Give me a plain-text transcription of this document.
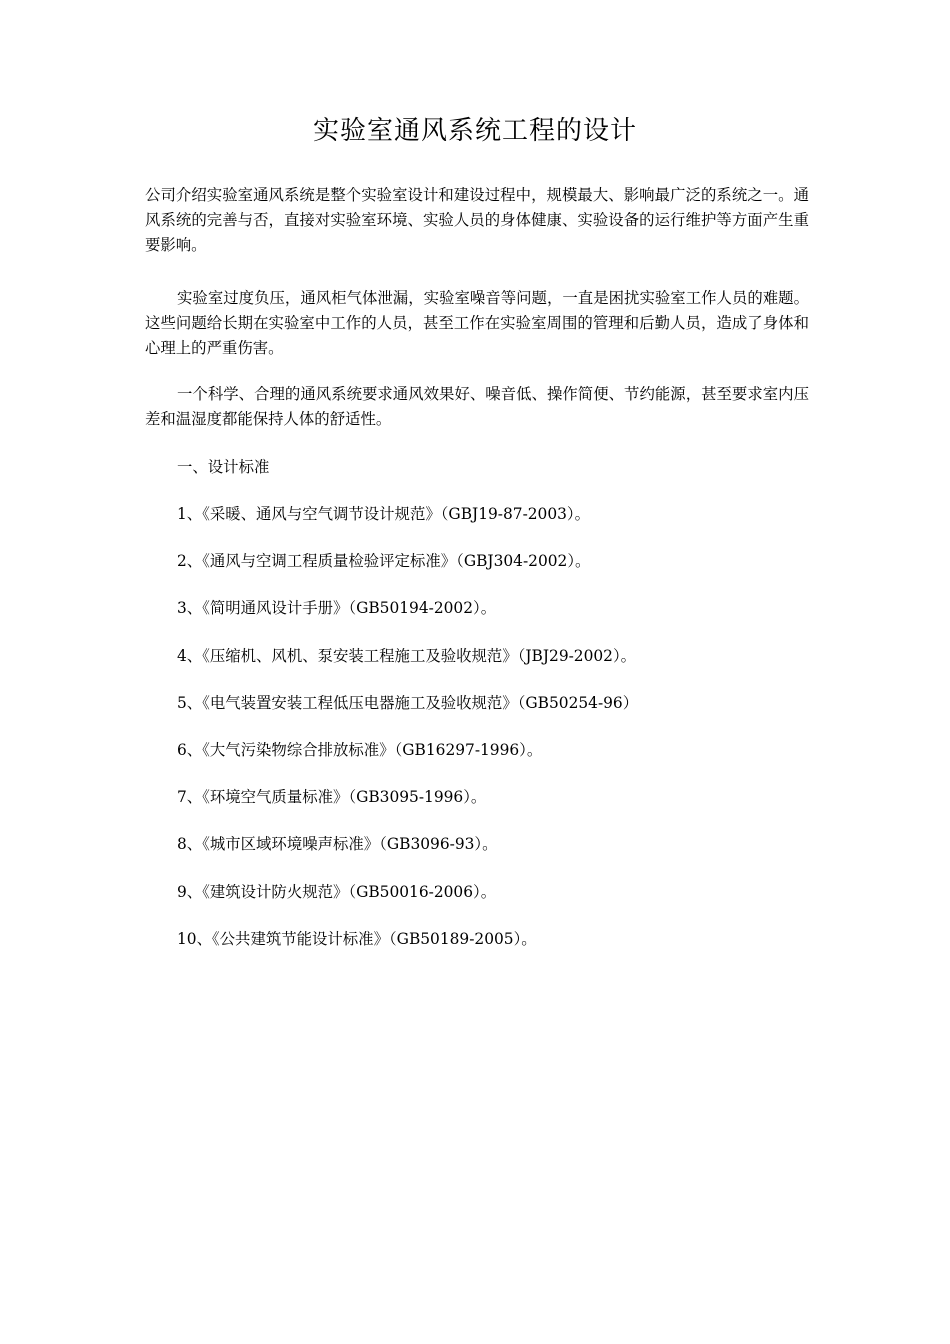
实验室通风系统工程的设计

公司介绍实验室通风系统是整个实验室设计和建设过程中，规模最大、影响最广泛的系统之一。通风系统的完善与否，直接对实验室环境、实验人员的身体健康、实验设备的运行维护等方面产生重要影响。

实验室过度负压，通风柜气体泄漏，实验室噪音等问题，一直是困扰实验室工作人员的难题。这些问题给长期在实验室中工作的人员，甚至工作在实验室周围的管理和后勤人员，造成了身体和心理上的严重伤害。

一个科学、合理的通风系统要求通风效果好、噪音低、操作简便、节约能源，甚至要求室内压差和温湿度都能保持人体的舒适性。

一、设计标准
1、《采暖、通风与空气调节设计规范》（GBJ19-87-2003）。
2、《通风与空调工程质量检验评定标准》（GBJ304-2002）。
3、《简明通风设计手册》（GB50194-2002）。
4、《压缩机、风机、泵安装工程施工及验收规范》（JBJ29-2002）。
5、《电气装置安装工程低压电器施工及验收规范》（GB50254-96）
6、《大气污染物综合排放标准》（GB16297-1996）。
7、《环境空气质量标准》（GB3095-1996）。
8、《城市区域环境噪声标准》（GB3096-93）。
9、《建筑设计防火规范》（GB50016-2006）。
10、《公共建筑节能设计标准》（GB50189-2005）。
